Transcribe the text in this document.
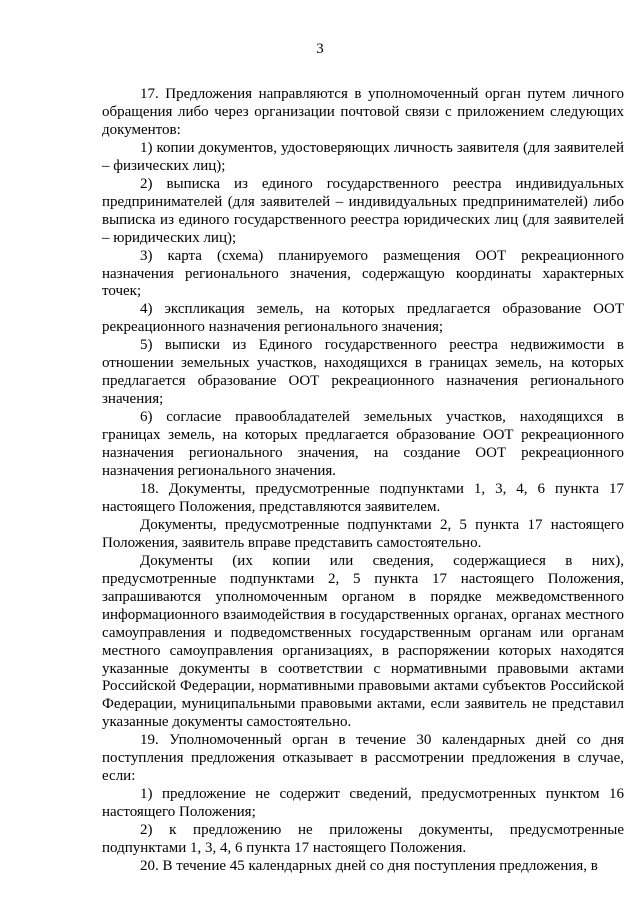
3

17. Предложения направляются в уполномоченный орган путем личного обращения либо через организации почтовой связи с приложением следующих документов:

1) копии документов, удостоверяющих личность заявителя (для заявителей – физических лиц);

2) выписка из единого государственного реестра индивидуальных предпринимателей (для заявителей – индивидуальных предпринимателей) либо выписка из единого государственного реестра юридических лиц (для заявителей – юридических лиц);

3) карта (схема) планируемого размещения ООТ рекреационного назначения регионального значения, содержащую координаты характерных точек;

4) экспликация земель, на которых предлагается образование ООТ рекреационного назначения регионального значения;

5) выписки из Единого государственного реестра недвижимости в отношении земельных участков, находящихся в границах земель, на которых предлагается образование ООТ рекреационного назначения регионального значения;

6) согласие правообладателей земельных участков, находящихся в границах земель, на которых предлагается образование ООТ рекреационного назначения регионального значения, на создание ООТ рекреационного назначения регионального значения.

18. Документы, предусмотренные подпунктами 1, 3, 4, 6 пункта 17 настоящего Положения, представляются заявителем.

Документы, предусмотренные подпунктами 2, 5 пункта 17 настоящего Положения, заявитель вправе представить самостоятельно.

Документы (их копии или сведения, содержащиеся в них), предусмотренные подпунктами 2, 5 пункта 17 настоящего Положения, запрашиваются уполномоченным органом в порядке межведомственного информационного взаимодействия в государственных органах, органах местного самоуправления и подведомственных государственным органам или органам местного самоуправления организациях, в распоряжении которых находятся указанные документы в соответствии с нормативными правовыми актами Российской Федерации, нормативными правовыми актами субъектов Российской Федерации, муниципальными правовыми актами, если заявитель не представил указанные документы самостоятельно.

19. Уполномоченный орган в течение 30 календарных дней со дня поступления предложения отказывает в рассмотрении предложения в случае, если:

1) предложение не содержит сведений, предусмотренных пунктом 16 настоящего Положения;

2) к предложению не приложены документы, предусмотренные подпунктами 1, 3, 4, 6 пункта 17 настоящего Положения.

20. В течение 45 календарных дней со дня поступления предложения, в
